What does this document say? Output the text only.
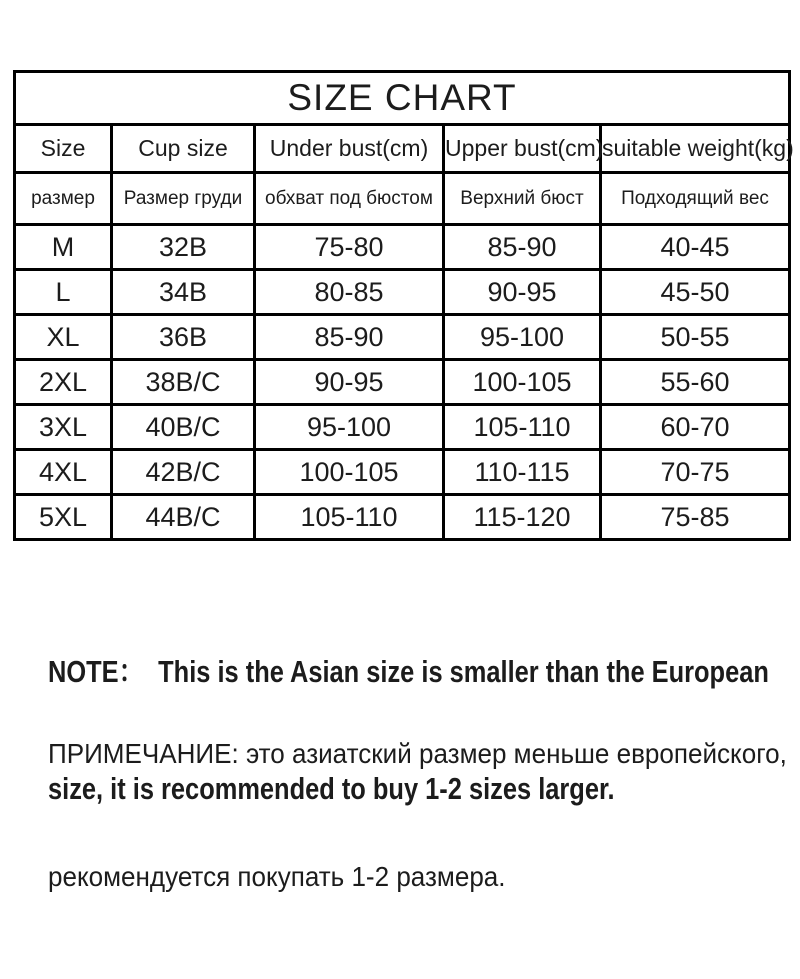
SIZE CHART				
Size	Cup size	Under bust(cm)	Upper bust(cm)	suitable weight(kg)
размер	Размер груди	обхват под бюстом	Верхний бюст	Подходящий вес
M	32B	75-80	85-90	40-45
L	34B	80-85	90-95	45-50
XL	36B	85-90	95-100	50-55
2XL	38B/C	90-95	100-105	55-60
3XL	40B/C	95-100	105-110	60-70
4XL	42B/C	100-105	110-115	70-75
5XL	44B/C	105-110	115-120	75-85

NOTE：  This is the Asian size is smaller than the European

size, it is recommended to buy 1-2 sizes larger.

ПРИМЕЧАНИЕ: это азиатский размер меньше европейского,

рекомендуется покупать 1-2 размера.
